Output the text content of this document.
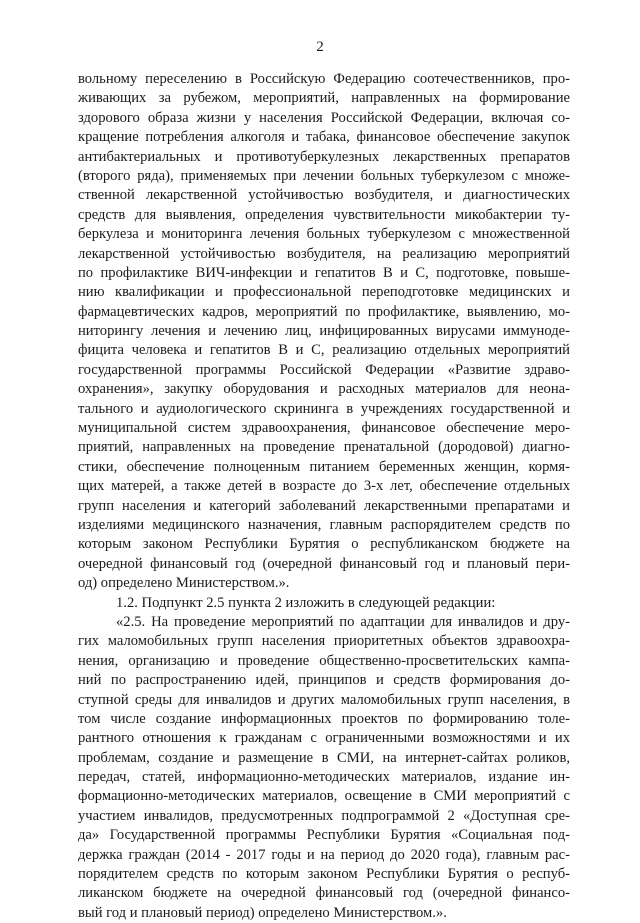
2
вольному переселению в Российскую Федерацию соотечественников, про-
живающих за рубежом, мероприятий, направленных на формирование
здорового образа жизни у населения Российской Федерации, включая со-
кращение потребления алкоголя и табака, финансовое обеспечение закупок
антибактериальных и противотуберкулезных лекарственных препаратов
(второго ряда), применяемых при лечении больных туберкулезом с множе-
ственной лекарственной устойчивостью возбудителя, и диагностических
средств для выявления, определения чувствительности микобактерии ту-
беркулеза и мониторинга лечения больных туберкулезом с множественной
лекарственной устойчивостью возбудителя, на реализацию мероприятий
по профилактике ВИЧ-инфекции и гепатитов В и С, подготовке, повыше-
нию квалификации и профессиональной переподготовке медицинских и
фармацевтических кадров, мероприятий по профилактике, выявлению, мо-
ниторингу лечения и лечению лиц, инфицированных вирусами иммуноде-
фицита человека и гепатитов В и С, реализацию отдельных мероприятий
государственной программы Российской Федерации «Развитие здраво-
охранения», закупку оборудования и расходных материалов для неона-
тального и аудиологического скрининга в учреждениях государственной и
муниципальной систем здравоохранения, финансовое обеспечение меро-
приятий, направленных на проведение пренатальной (дородовой) диагно-
стики, обеспечение полноценным питанием беременных женщин, кормя-
щих матерей, а также детей в возрасте до 3-х лет, обеспечение отдельных
групп населения и категорий заболеваний лекарственными препаратами и
изделиями медицинского назначения, главным распорядителем средств по
которым законом Республики Бурятия о республиканском бюджете на
очередной финансовый год (очередной финансовый год и плановый пери-
од) определено Министерством.».
1.2. Подпункт 2.5 пункта 2 изложить в следующей редакции:
«2.5. На проведение мероприятий по адаптации для инвалидов и дру-
гих маломобильных групп населения приоритетных объектов здравоохра-
нения, организацию и проведение общественно-просветительских кампа-
ний по распространению идей, принципов и средств формирования до-
ступной среды для инвалидов и других маломобильных групп населения, в
том числе создание информационных проектов по формированию толе-
рантного отношения к гражданам с ограниченными возможностями и их
проблемам, создание и размещение в СМИ, на интернет-сайтах роликов,
передач, статей, информационно-методических материалов, издание ин-
формационно-методических материалов, освещение в СМИ мероприятий с
участием инвалидов, предусмотренных подпрограммой 2 «Доступная сре-
да» Государственной программы Республики Бурятия «Социальная под-
держка граждан (2014 - 2017 годы и на период до 2020 года), главным рас-
порядителем средств по которым законом Республики Бурятия о респуб-
ликанском бюджете на очередной финансовый год (очередной финансо-
вый год и плановый период) определено Министерством.».
